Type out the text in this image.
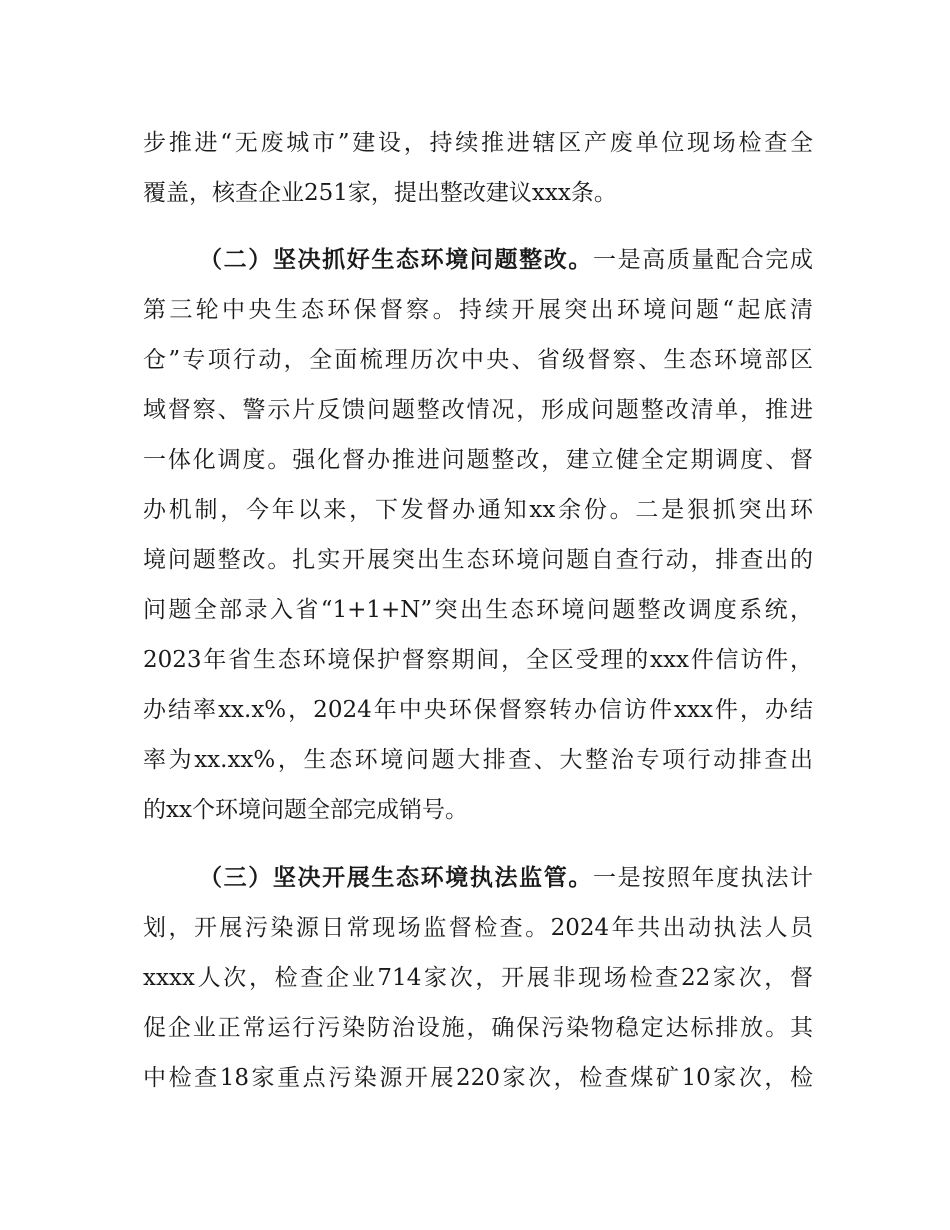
步推进“无废城市”建设，持续推进辖区产废单位现场检查全
覆盖，核查企业251家，提出整改建议xxx条。
（二）坚决抓好生态环境问题整改。一是高质量配合完成
第三轮中央生态环保督察。持续开展突出环境问题“起底清
仓”专项行动，全面梳理历次中央、省级督察、生态环境部区
域督察、警示片反馈问题整改情况，形成问题整改清单，推进
一体化调度。强化督办推进问题整改，建立健全定期调度、督
办机制，今年以来，下发督办通知xx余份。二是狠抓突出环
境问题整改。扎实开展突出生态环境问题自查行动，排查出的
问题全部录入省“1+1+N”突出生态环境问题整改调度系统，
2023年省生态环境保护督察期间，全区受理的xxx件信访件，
办结率xx.x%，2024年中央环保督察转办信访件xxx件，办结
率为xx.xx%，生态环境问题大排查、大整治专项行动排查出
的xx个环境问题全部完成销号。
（三）坚决开展生态环境执法监管。一是按照年度执法计
划，开展污染源日常现场监督检查。2024年共出动执法人员
xxxx人次，检查企业714家次，开展非现场检查22家次，督
促企业正常运行污染防治设施，确保污染物稳定达标排放。其
中检查18家重点污染源开展220家次，检查煤矿10家次，检
